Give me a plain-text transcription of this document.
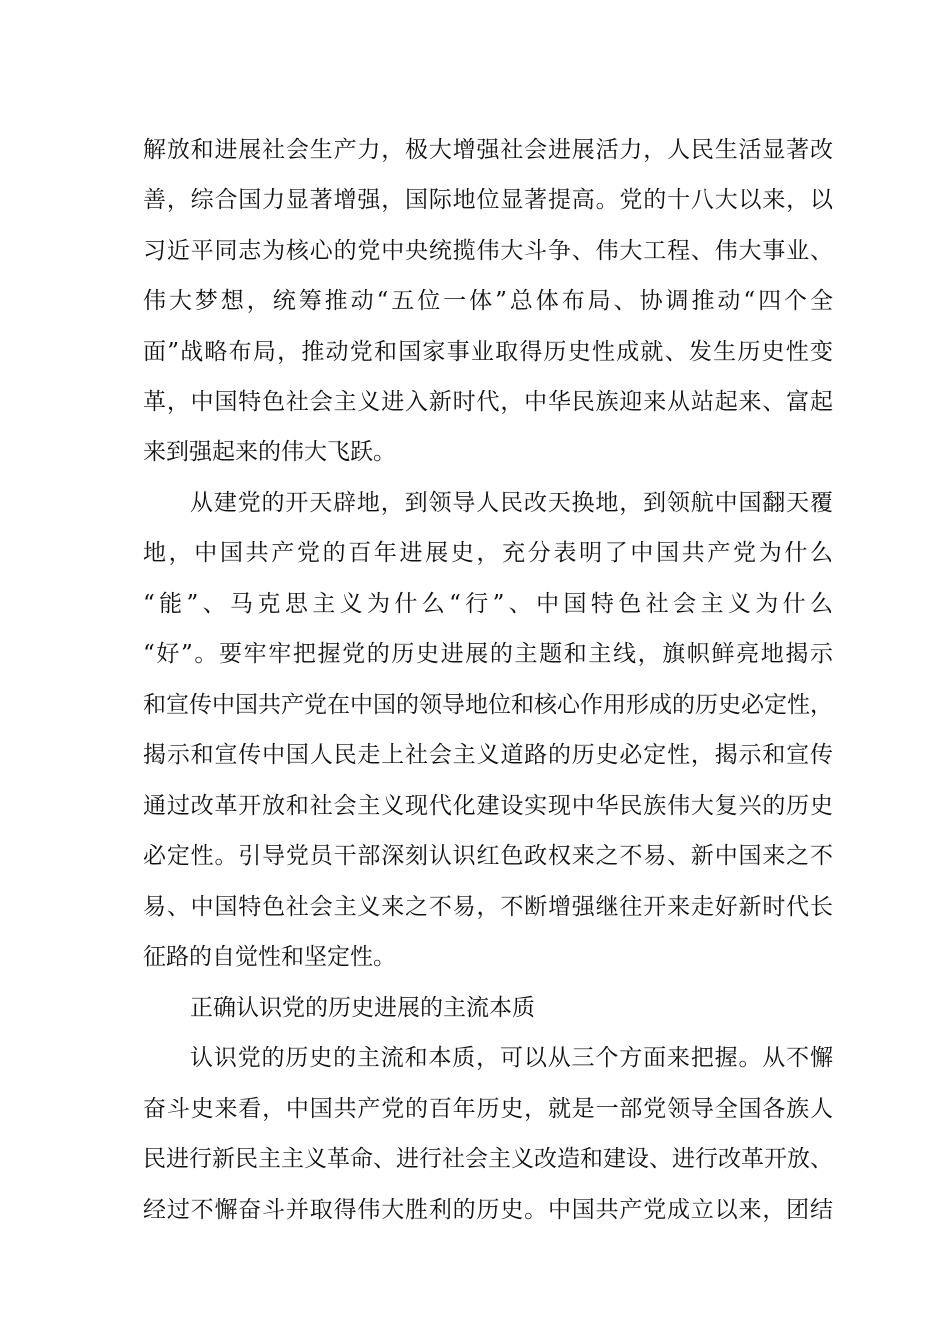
解放和进展社会生产力，极大增强社会进展活力，人民生活显著改
善，综合国力显著增强，国际地位显著提高。党的十八大以来，以
习近平同志为核心的党中央统揽伟大斗争、伟大工程、伟大事业、
伟大梦想，统筹推动“五位一体”总体布局、协调推动“四个全
面”战略布局，推动党和国家事业取得历史性成就、发生历史性变
革，中国特色社会主义进入新时代，中华民族迎来从站起来、富起
来到强起来的伟大飞跃。
从建党的开天辟地，到领导人民改天换地，到领航中国翻天覆
地，中国共产党的百年进展史，充分表明了中国共产党为什么
“能”、马克思主义为什么“行”、中国特色社会主义为什么
“好”。要牢牢把握党的历史进展的主题和主线，旗帜鲜亮地揭示
和宣传中国共产党在中国的领导地位和核心作用形成的历史必定性，
揭示和宣传中国人民走上社会主义道路的历史必定性，揭示和宣传
通过改革开放和社会主义现代化建设实现中华民族伟大复兴的历史
必定性。引导党员干部深刻认识红色政权来之不易、新中国来之不
易、中国特色社会主义来之不易，不断增强继往开来走好新时代长
征路的自觉性和坚定性。
正确认识党的历史进展的主流本质
认识党的历史的主流和本质，可以从三个方面来把握。从不懈
奋斗史来看，中国共产党的百年历史，就是一部党领导全国各族人
民进行新民主主义革命、进行社会主义改造和建设、进行改革开放、
经过不懈奋斗并取得伟大胜利的历史。中国共产党成立以来，团结
